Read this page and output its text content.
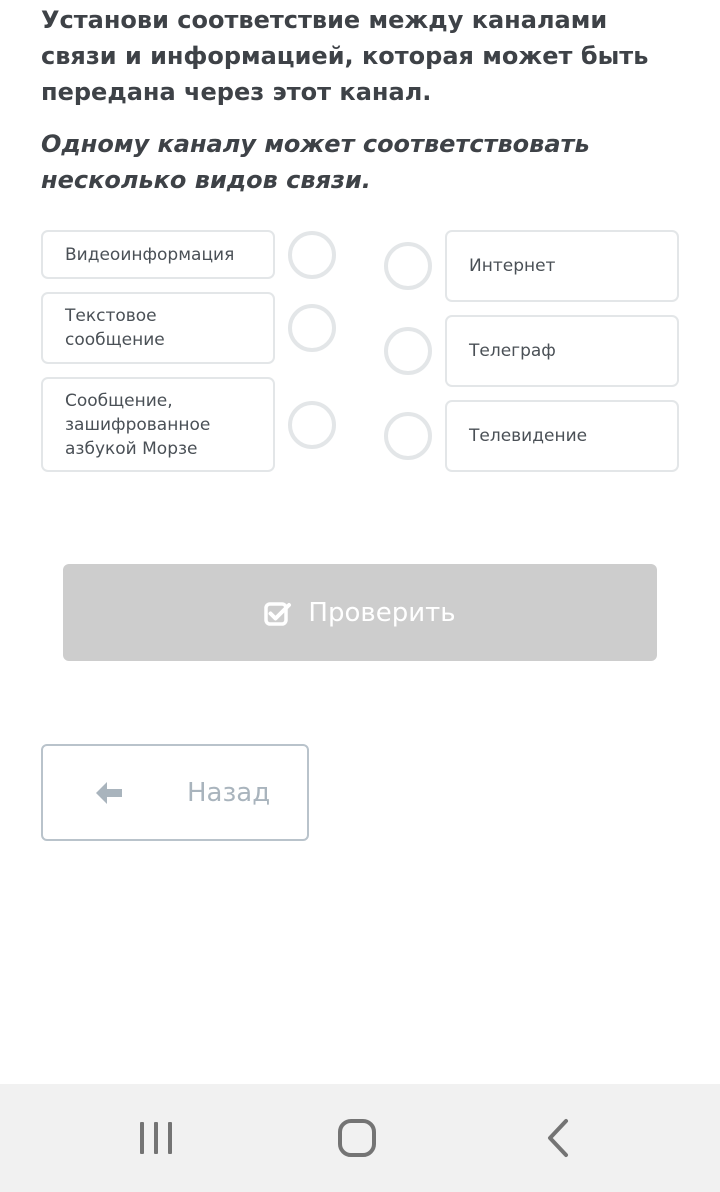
Установи соответствие между каналами связи и информацией, которая может быть передана через этот канал.

Одному каналу может соответствовать несколько видов связи.

Видеоинформация
Текстовое сообщение
Сообщение, зашифрованное азбукой Морзе
Интернет
Телеграф
Телевидение
Проверить
Назад
